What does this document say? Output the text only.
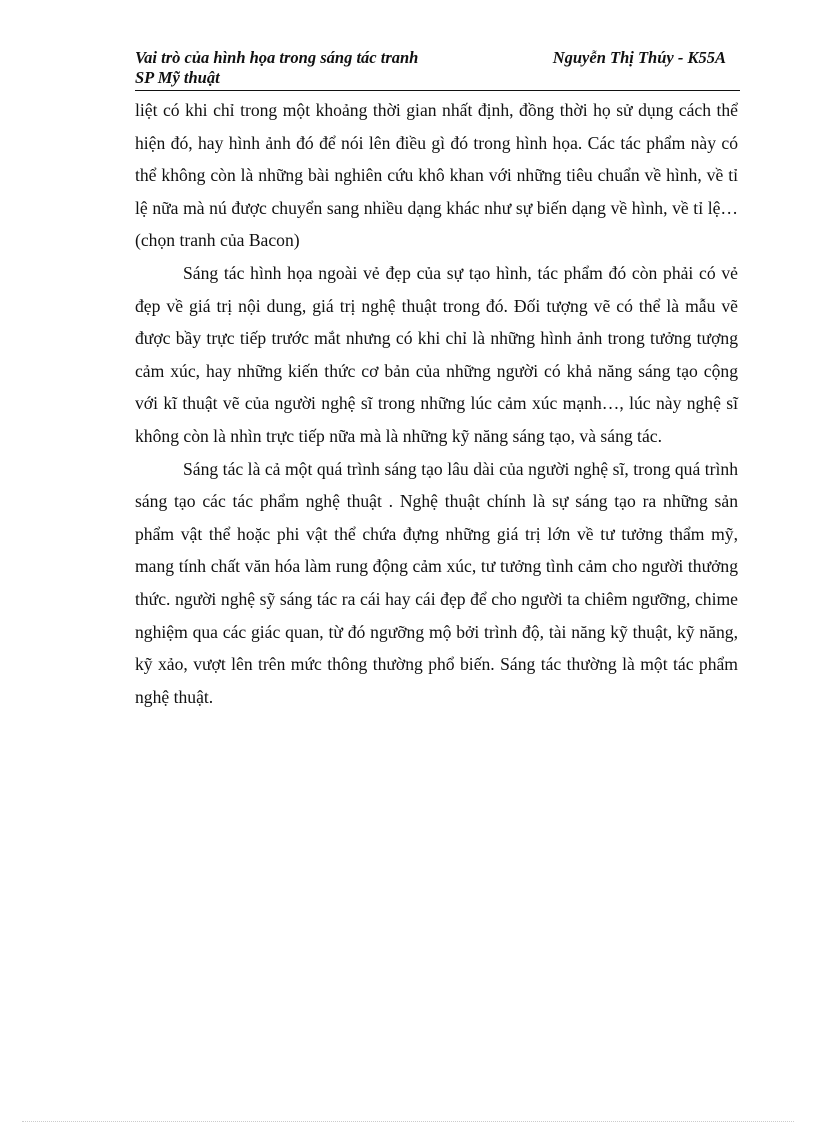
Vai trò của hình họa trong sáng tác tranh
SP Mỹ thuật
Nguyễn Thị Thúy - K55A

liệt có khi chỉ trong một khoảng thời gian nhất định, đồng thời họ sử dụng cách thể hiện đó, hay hình ảnh đó để nói lên điều gì đó trong hình họa. Các tác phẩm này có thể không còn là những bài nghiên cứu khô khan với những tiêu chuẩn về hình, về tỉ lệ nữa mà nú được chuyển sang nhiều dạng khác như sự biến dạng về hình, về tỉ lệ…(chọn tranh của Bacon)

Sáng tác hình họa ngoài vẻ đẹp của sự tạo hình, tác phẩm đó còn phải có vẻ đẹp về giá trị nội dung, giá trị nghệ thuật trong đó. Đối tượng vẽ có thể là mẫu vẽ được bầy trực tiếp trước mắt nhưng có khi chỉ là những hình ảnh trong tưởng tượng cảm xúc, hay những kiến thức cơ bản của những người có khả năng sáng tạo cộng với kĩ thuật vẽ của người nghệ sĩ trong những lúc cảm xúc mạnh…, lúc này nghệ sĩ không còn là nhìn trực tiếp nữa mà là những kỹ năng sáng tạo, và sáng tác.

Sáng tác là cả một quá trình sáng tạo lâu dài của người nghệ sĩ, trong quá trình sáng tạo các tác phẩm nghệ thuật . Nghệ thuật chính là sự sáng tạo ra những sản phẩm vật thể hoặc phi vật thể chứa đựng những giá trị lớn về tư tưởng thẩm mỹ, mang tính chất văn hóa làm rung động cảm xúc, tư tưởng tình cảm cho người thưởng thức. người nghệ sỹ sáng tác ra cái hay cái đẹp để cho người ta chiêm ngưỡng, chime nghiệm qua các giác quan, từ đó ngưỡng mộ bởi trình độ, tài năng kỹ thuật, kỹ năng, kỹ xảo, vượt lên trên mức thông thường phổ biến. Sáng tác thường là một tác phẩm nghệ thuật.
